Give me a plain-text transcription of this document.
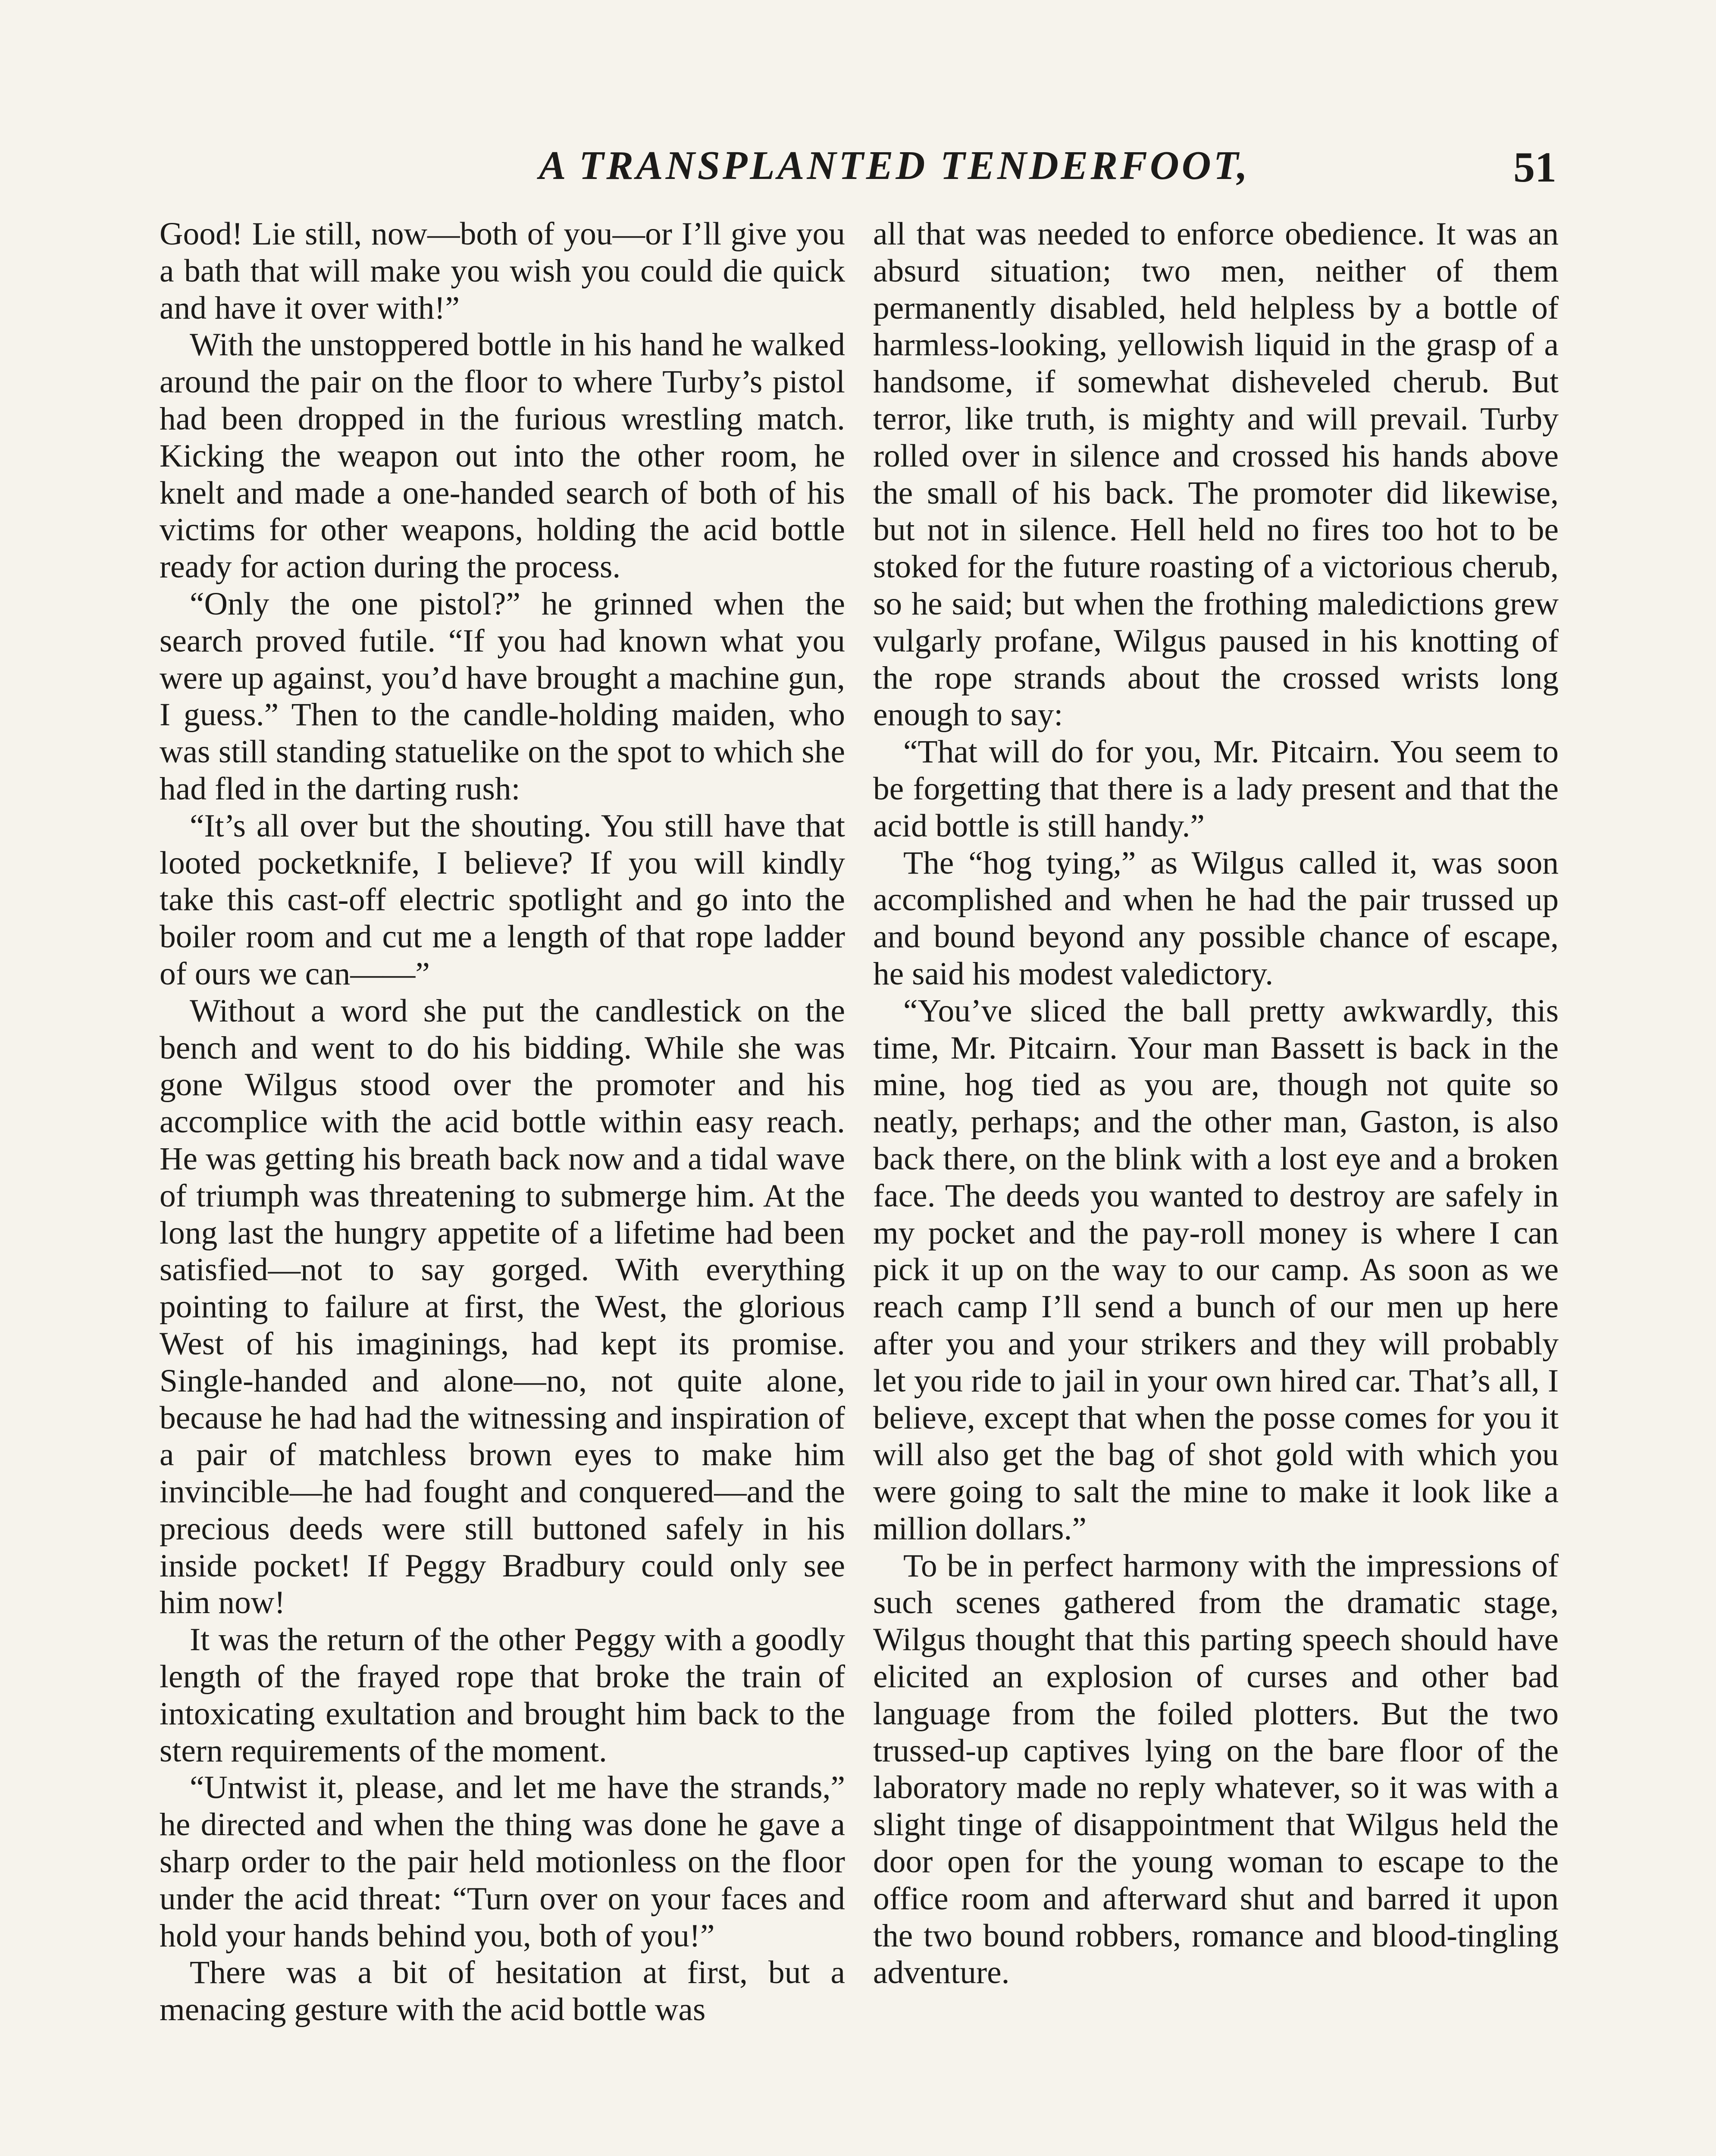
A TRANSPLANTED TENDERFOOT,	51

Good! Lie still, now—both of you—or I’ll give you a bath that will make you wish you could die quick and have it over with!”

With the unstoppered bottle in his hand he walked around the pair on the floor to where Turby’s pistol had been dropped in the furious wrestling match. Kicking the weapon out into the other room, he knelt and made a one-handed search of both of his victims for other weapons, holding the acid bottle ready for action during the process.

“Only the one pistol?” he grinned when the search proved futile. “If you had known what you were up against, you’d have brought a machine gun, I guess.” Then to the candle-holding maiden, who was still standing statuelike on the spot to which she had fled in the darting rush:

“It’s all over but the shouting. You still have that looted pocketknife, I believe? If you will kindly take this cast-off electric spotlight and go into the boiler room and cut me a length of that rope ladder of ours we can——”

Without a word she put the candlestick on the bench and went to do his bidding. While she was gone Wilgus stood over the promoter and his accomplice with the acid bottle within easy reach. He was getting his breath back now and a tidal wave of triumph was threatening to submerge him. At the long last the hungry appetite of a lifetime had been satisfied—not to say gorged. With everything pointing to failure at first, the West, the glorious West of his imaginings, had kept its promise. Single-handed and alone—no, not quite alone, because he had had the witnessing and inspiration of a pair of matchless brown eyes to make him invincible—he had fought and conquered—and the precious deeds were still buttoned safely in his inside pocket! If Peggy Bradbury could only see him now!

It was the return of the other Peggy with a goodly length of the frayed rope that broke the train of intoxicating exultation and brought him back to the stern requirements of the moment.

“Untwist it, please, and let me have the strands,” he directed and when the thing was done he gave a sharp order to the pair held motionless on the floor under the acid threat: “Turn over on your faces and hold your hands behind you, both of you!”

There was a bit of hesitation at first, but a menacing gesture with the acid bottle was

all that was needed to enforce obedience. It was an absurd situation; two men, neither of them permanently disabled, held helpless by a bottle of harmless-looking, yellowish liquid in the grasp of a handsome, if somewhat disheveled cherub. But terror, like truth, is mighty and will prevail. Turby rolled over in silence and crossed his hands above the small of his back. The promoter did likewise, but not in silence. Hell held no fires too hot to be stoked for the future roasting of a victorious cherub, so he said; but when the frothing maledictions grew vulgarly profane, Wilgus paused in his knotting of the rope strands about the crossed wrists long enough to say:

“That will do for you, Mr. Pitcairn. You seem to be forgetting that there is a lady present and that the acid bottle is still handy.”

The “hog tying,” as Wilgus called it, was soon accomplished and when he had the pair trussed up and bound beyond any possible chance of escape, he said his modest valedictory.

“You’ve sliced the ball pretty awkwardly, this time, Mr. Pitcairn. Your man Bassett is back in the mine, hog tied as you are, though not quite so neatly, perhaps; and the other man, Gaston, is also back there, on the blink with a lost eye and a broken face. The deeds you wanted to destroy are safely in my pocket and the pay-roll money is where I can pick it up on the way to our camp. As soon as we reach camp I’ll send a bunch of our men up here after you and your strikers and they will probably let you ride to jail in your own hired car. That’s all, I believe, except that when the posse comes for you it will also get the bag of shot gold with which you were going to salt the mine to make it look like a million dollars.”

To be in perfect harmony with the impressions of such scenes gathered from the dramatic stage, Wilgus thought that this parting speech should have elicited an explosion of curses and other bad language from the foiled plotters. But the two trussed-up captives lying on the bare floor of the laboratory made no reply whatever, so it was with a slight tinge of disappointment that Wilgus held the door open for the young woman to escape to the office room and afterward shut and barred it upon the two bound robbers, romance and blood-tingling adventure.
